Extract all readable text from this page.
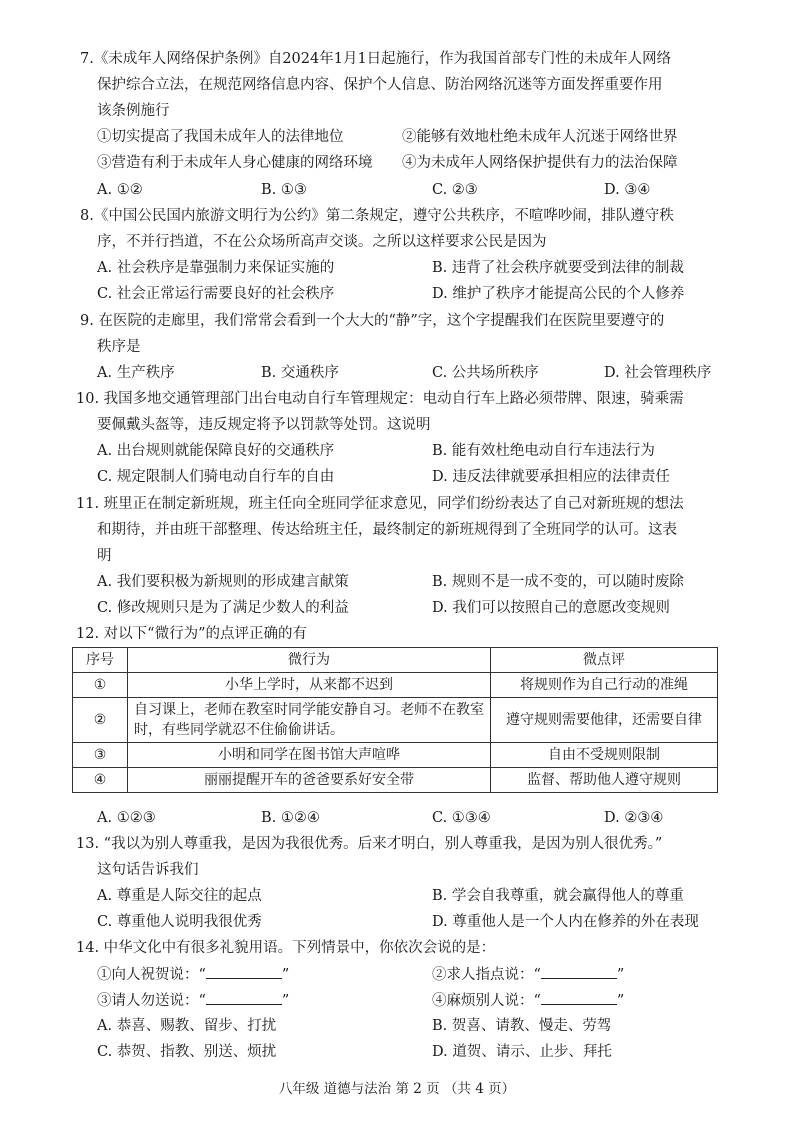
7.《未成年人网络保护条例》自2024年1月1日起施行，作为我国首部专门性的未成年人网络
保护综合立法，在规范网络信息内容、保护个人信息、防治网络沉迷等方面发挥重要作用
该条例施行
①切实提高了我国未成年人的法律地位	②能够有效地杜绝未成年人沉迷于网络世界
③营造有利于未成年人身心健康的网络环境 ④为未成年人网络保护提供有力的法治保障
A. ①②	B. ①③	C. ②③	D. ③④
8.《中国公民国内旅游文明行为公约》第二条规定，遵守公共秩序，不喧哗吵闹，排队遵守秩
序，不并行挡道，不在公众场所高声交谈。之所以这样要求公民是因为
A. 社会秩序是靠强制力来保证实施的	B. 违背了社会秩序就要受到法律的制裁
C. 社会正常运行需要良好的社会秩序	D. 维护了秩序才能提高公民的个人修养
9. 在医院的走廊里，我们常常会看到一个大大的“静”字，这个字提醒我们在医院里要遵守的
秩序是
A. 生产秩序	B. 交通秩序	C. 公共场所秩序	D. 社会管理秩序
10. 我国多地交通管理部门出台电动自行车管理规定：电动自行车上路必须带牌、限速，骑乘需
要佩戴头盔等，违反规定将予以罚款等处罚。这说明
A. 出台规则就能保障良好的交通秩序	B. 能有效杜绝电动自行车违法行为
C. 规定限制人们骑电动自行车的自由	D. 违反法律就要承担相应的法律责任
11. 班里正在制定新班规，班主任向全班同学征求意见，同学们纷纷表达了自己对新班规的想法
和期待，并由班干部整理、传达给班主任，最终制定的新班规得到了全班同学的认可。这表
明
A. 我们要积极为新规则的形成建言献策	B. 规则不是一成不变的，可以随时废除
C. 修改规则只是为了满足少数人的利益	D. 我们可以按照自己的意愿改变规则
12. 对以下“微行为”的点评正确的有
序号	微行为	微点评
①	小华上学时，从来都不迟到	将规则作为自己行动的准绳
②	自习课上，老师在教室时同学能安静自习。老师不在教室时，有些同学就忍不住偷偷讲话。	遵守规则需要他律，还需要自律
③	小明和同学在图书馆大声喧哗	自由不受规则限制
④	丽丽提醒开车的爸爸要系好安全带	监督、帮助他人遵守规则
A. ①②③	B. ①②④	C. ①③④	D. ②③④
13. “我以为别人尊重我，是因为我很优秀。后来才明白，别人尊重我，是因为别人很优秀。”
这句话告诉我们
A. 尊重是人际交往的起点	B. 学会自我尊重，就会赢得他人的尊重
C. 尊重他人说明我很优秀	D. 尊重他人是一个人内在修养的外在表现
14. 中华文化中有很多礼貌用语。下列情景中，你依次会说的是：
①向人祝贺说：“	”	②求人指点说：“	”
③请人勿送说：“	”	④麻烦别人说：“	”
A. 恭喜、赐教、留步、打扰	B. 贺喜、请教、慢走、劳驾
C. 恭贺、指教、别送、烦扰	D. 道贺、请示、止步、拜托
八年级 道德与法治 第 2 页 （共 4 页）
